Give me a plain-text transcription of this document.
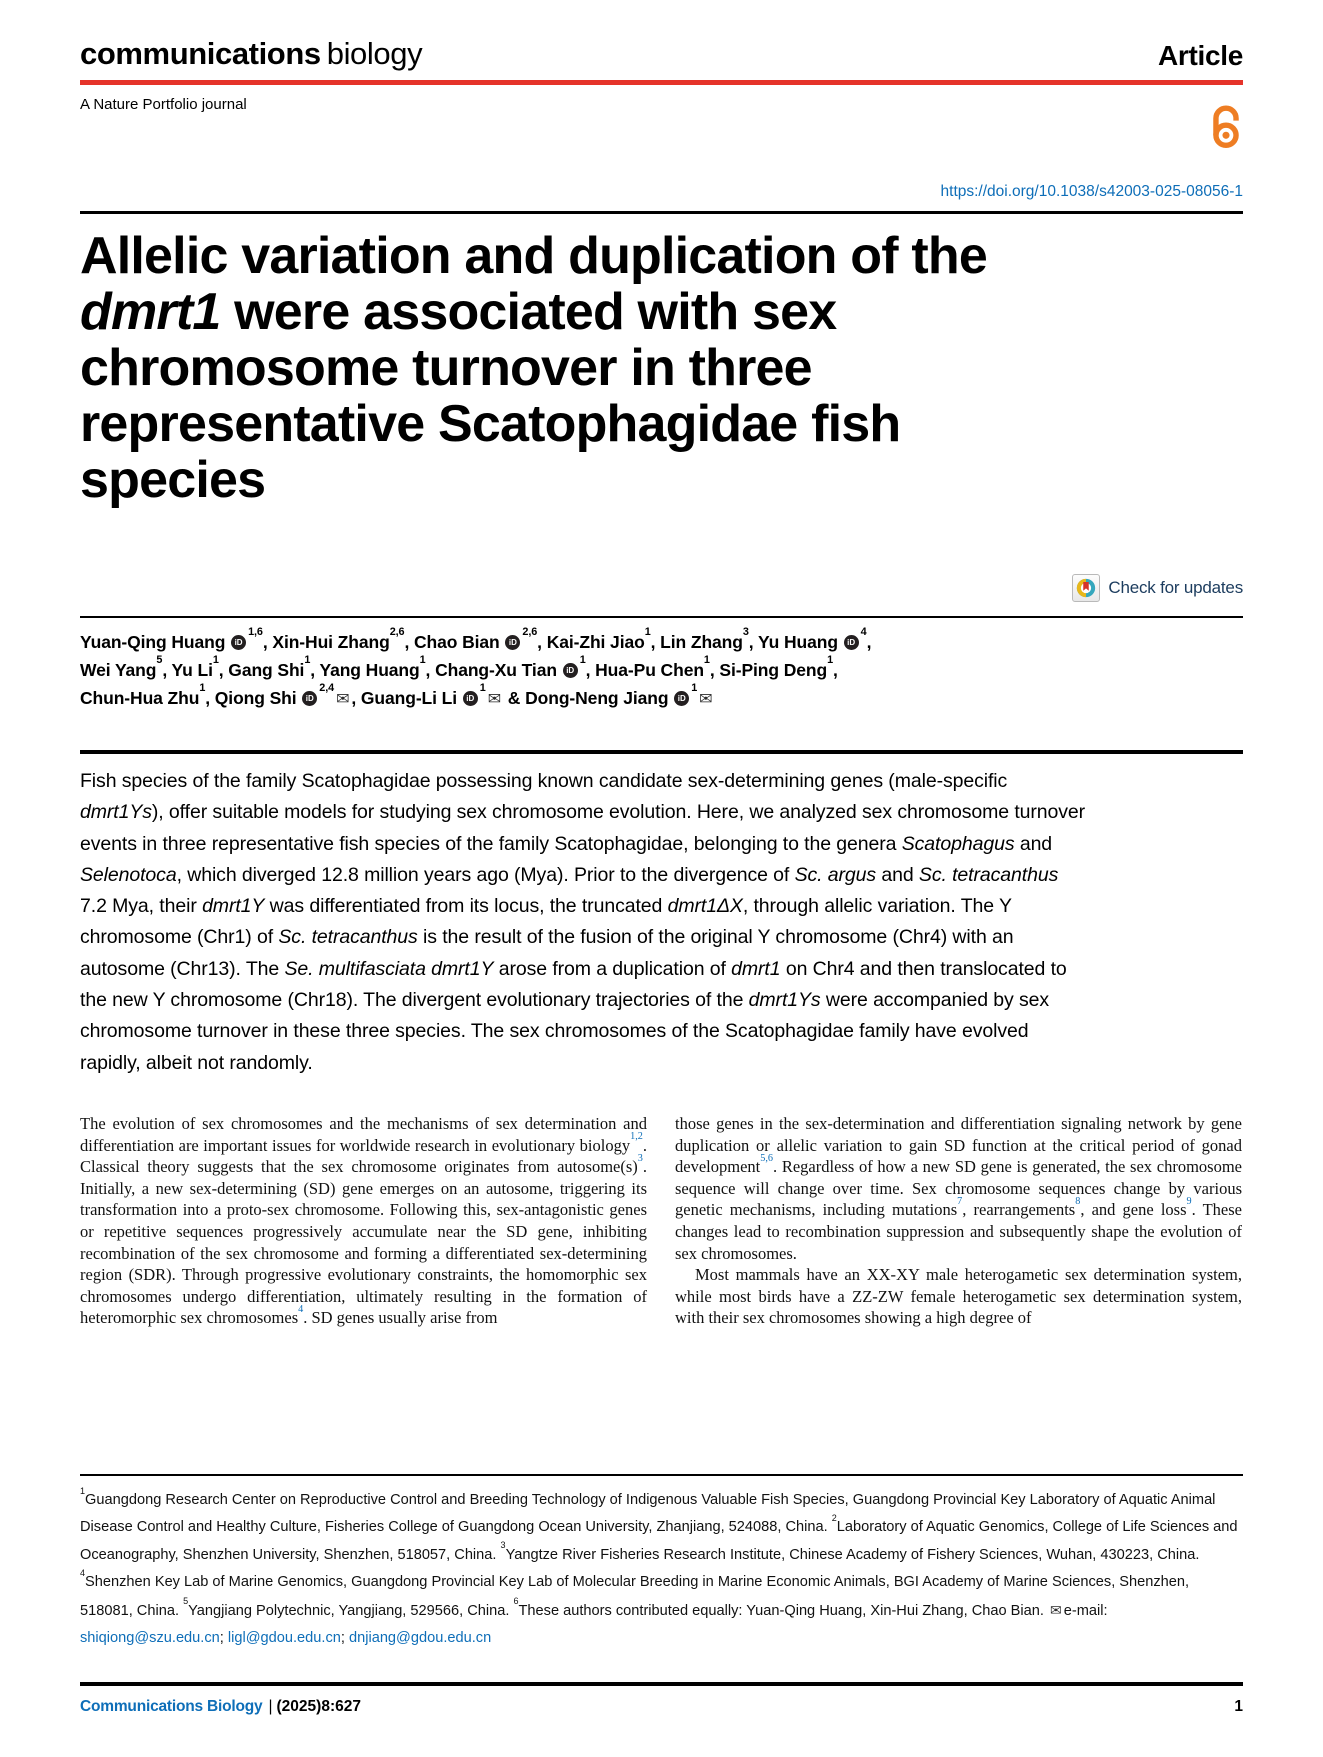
communications biology	Article
A Nature Portfolio journal
https://doi.org/10.1038/s42003-025-08056-1
Allelic variation and duplication of the
dmrt1 were associated with sex
chromosome turnover in three
representative Scatophagidae fish
species
Check for updates
Yuan-Qing Huang iD$^{1,6}$, Xin-Hui Zhang$^{2,6}$, Chao Bian iD$^{2,6}$, Kai-Zhi Jiao$^1$, Lin Zhang$^3$, Yu Huang $iD^4$,
Wei Yang$^5$, Yu Li$^1$, Gang Shi$^1$, Yang Huang$^1$, Chang-Xu Tian $iD^1$, Hua-Pu Chen$^1$, Si-Ping Deng$^1$,
Chun-Hua Zhu$^1$, Qiong Shi iD$^{2,4}$✉ , Guang-Li Li $iD^1✉$ & Dong-Neng Jiang $iD^1✉$
Fish species of the family Scatophagidae possessing known candidate sex-determining genes (male-specific dmrt1Ys), offer suitable models for studying sex chromosome evolution. Here, we analyzed sex chromosome turnover events in three representative fish species of the family Scatophagidae, belonging to the genera Scatophagus and Selenotoca, which diverged 12.8 million years ago (Mya). Prior to the divergence of Sc. argus and Sc. tetracanthus 7.2 Mya, their dmrt1Y was differentiated from its locus, the truncated dmrt1ΔX, through allelic variation. The Y chromosome (Chr1) of Sc. tetracanthus is the result of the fusion of the original Y chromosome (Chr4) with an autosome (Chr13). The Se. multifasciata dmrt1Y arose from a duplication of dmrt1 on Chr4 and then translocated to the new Y chromosome (Chr18). The divergent evolutionary trajectories of the dmrt1Ys were accompanied by sex chromosome turnover in these three species. The sex chromosomes of the Scatophagidae family have evolved rapidly, albeit not randomly.

The evolution of sex chromosomes and the mechanisms of sex determination and differentiation are important issues for worldwide research in evolutionary biology$^{1,2}$. Classical theory suggests that the sex chromosome originates from $autosome(s)^3$. Initially, a new sex-determining (SD) gene emerges on an autosome, triggering its transformation into a proto-sex chromosome. Following this, sex-antagonistic genes or repetitive sequences progressively accumulate near the SD gene, inhibiting recombination of the sex chromosome and forming a differentiated sex-determining region (SDR). Through progressive evolutionary constraints, the homomorphic sex chromosomes undergo differentiation, ultimately resulting in the formation of heteromorphic sex chromosomes$^4$. SD genes usually arise from

those genes in the sex-determination and differentiation signaling network by gene duplication or allelic variation to gain SD function at the critical period of gonad development$^{5,6}$. Regardless of how a new SD gene is generated, the sex chromosome sequence will change over time. Sex chromosome sequences change by various genetic mechanisms, including mutations$^7$, rearrangements$^8$, and gene loss$^9$. These changes lead to recombination suppression and subsequently shape the evolution of sex chromosomes.

Most mammals have an XX-XY male heterogametic sex determination system, while most birds have a ZZ-ZW female heterogametic sex determination system, with their sex chromosomes showing a high degree of

$^1$Guangdong Research Center on Reproductive Control and Breeding Technology of Indigenous Valuable Fish Species, Guangdong Provincial Key Laboratory of Aquatic Animal Disease Control and Healthy Culture, Fisheries College of Guangdong Ocean University, Zhanjiang, 524088, China. $^2$Laboratory of Aquatic Genomics, College of Life Sciences and Oceanography, Shenzhen University, Shenzhen, 518057, China. $^3$Yangtze River Fisheries Research Institute, Chinese Academy of Fishery Sciences, Wuhan, 430223, China. $^4$Shenzhen Key Lab of Marine Genomics, Guangdong Provincial Key Lab of Molecular Breeding in Marine Economic Animals, BGI Academy of Marine Sciences, Shenzhen, 518081, China. $^5$Yangjiang Polytechnic, Yangjiang, 529566, China. $^6$These authors contributed equally: Yuan-Qing Huang, Xin-Hui Zhang, Chao Bian. ✉ e-mail: shiqiong@szu.edu.cn; ligl@gdou.edu.cn; dnjiang@gdou.edu.cn
Communications Biology | (2025)8:627	1
